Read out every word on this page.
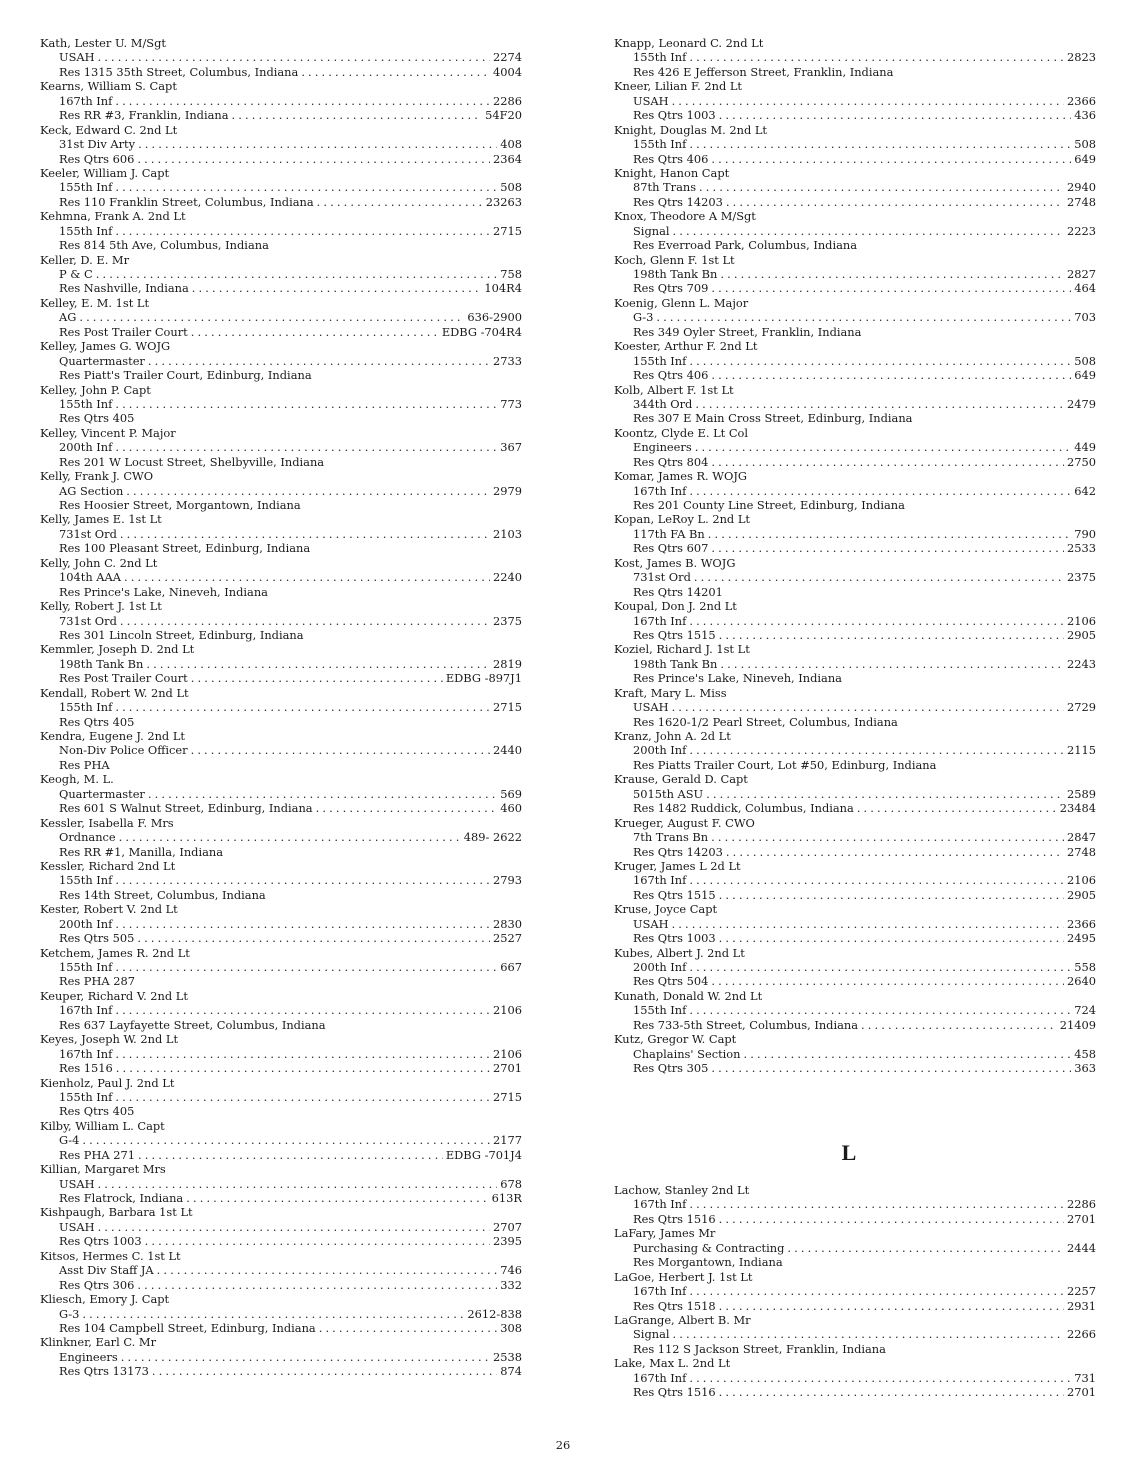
Kath, Lester U. M/Sgt
USAH . . .	2274
Res 1315 35th Street, Columbus, Indiana . . .	4004
Kearns, William S. Capt
167th Inf . . .	2286
Res RR #3, Franklin, Indiana . . .	54F20
Keck, Edward C. 2nd Lt
31st Div Arty . . .	408
Res Qtrs 606 . . .	2364
Keeler, William J. Capt
155th Inf . . .	508
Res 110 Franklin Street, Columbus, Indiana . . .	23263
Kehmna, Frank A. 2nd Lt
155th Inf . . .	2715
Res 814 5th Ave, Columbus, Indiana
Keller, D. E. Mr
P & C . . .	758
Res Nashville, Indiana . . .	104R4
Kelley, E. M. 1st Lt
AG . . .	636-2900
Res Post Trailer Court . . .	EDBG -704R4
Kelley, James G. WOJG
Quartermaster . . .	2733
Res Piatt's Trailer Court, Edinburg, Indiana
Kelley, John P. Capt
155th Inf . . .	773
Res Qtrs 405
Kelley, Vincent P. Major
200th Inf . . .	367
Res 201 W Locust Street, Shelbyville, Indiana
Kelly, Frank J. CWO
AG Section . . .	2979
Res Hoosier Street, Morgantown, Indiana
Kelly, James E. 1st Lt
731st Ord . . .	2103
Res 100 Pleasant Street, Edinburg, Indiana
Kelly, John C. 2nd Lt
104th AAA . . .	2240
Res Prince's Lake, Nineveh, Indiana
Kelly, Robert J. 1st Lt
731st Ord . . .	2375
Res 301 Lincoln Street, Edinburg, Indiana
Kemmler, Joseph D. 2nd Lt
198th Tank Bn . . .	2819
Res Post Trailer Court . . .	EDBG -897J1
Kendall, Robert W. 2nd Lt
155th Inf . . .	2715
Res Qtrs 405
Kendra, Eugene J. 2nd Lt
Non-Div Police Officer . . .	2440
Res PHA
Keogh, M. L.
Quartermaster . . .	569
Res 601 S Walnut Street, Edinburg, Indiana . . .	460
Kessler, Isabella F. Mrs
Ordnance . . .	489- 2622
Res RR #1, Manilla, Indiana
Kessler, Richard 2nd Lt
155th Inf . . .	2793
Res 14th Street, Columbus, Indiana
Kester, Robert V. 2nd Lt
200th Inf . . .	2830
Res Qtrs 505 . . .	2527
Ketchem, James R. 2nd Lt
155th Inf . . .	667
Res PHA 287
Keuper, Richard V. 2nd Lt
167th Inf . . .	2106
Res 637 Layfayette Street, Columbus, Indiana
Keyes, Joseph W. 2nd Lt
167th Inf . . .	2106
Res 1516 . . .	2701
Kienholz, Paul J. 2nd Lt
155th Inf . . .	2715
Res Qtrs 405
Kilby, William L. Capt
G-4 . . .	2177
Res PHA 271 . . .	EDBG -701J4
Killian, Margaret Mrs
USAH . . .	678
Res Flatrock, Indiana . . .	613R
Kishpaugh, Barbara 1st Lt
USAH . . .	2707
Res Qtrs 1003 . . .	2395
Kitsos, Hermes C. 1st Lt
Asst Div Staff JA . . .	746
Res Qtrs 306 . . .	332
Kliesch, Emory J. Capt
G-3 . . .	2612-838
Res 104 Campbell Street, Edinburg, Indiana . . .	308
Klinkner, Earl C. Mr
Engineers . . .	2538
Res Qtrs 13173 . . .	874
Knapp, Leonard C. 2nd Lt
155th Inf . . .	2823
Res 426 E Jefferson Street, Franklin, Indiana
Kneer, Lilian F. 2nd Lt
USAH . . .	2366
Res Qtrs 1003 . . .	436
Knight, Douglas M. 2nd Lt
155th Inf . . .	508
Res Qtrs 406 . . .	649
Knight, Hanon Capt
87th Trans . . .	2940
Res Qtrs 14203 . . .	2748
Knox, Theodore A M/Sgt
Signal . . .	2223
Res Everroad Park, Columbus, Indiana
Koch, Glenn F. 1st Lt
198th Tank Bn . . .	2827
Res Qtrs 709 . . .	464
Koenig, Glenn L. Major
G-3 . . .	703
Res 349 Oyler Street, Franklin, Indiana
Koester, Arthur F. 2nd Lt
155th Inf . . .	508
Res Qtrs 406 . . .	649
Kolb, Albert F. 1st Lt
344th Ord . . .	2479
Res 307 E Main Cross Street, Edinburg, Indiana
Koontz, Clyde E. Lt Col
Engineers . . .	449
Res Qtrs 804 . . .	2750
Komar, James R. WOJG
167th Inf . . .	642
Res 201 County Line Street, Edinburg, Indiana
Kopan, LeRoy L. 2nd Lt
117th FA Bn . . .	790
Res Qtrs 607 . . .	2533
Kost, James B. WOJG
731st Ord . . .	2375
Res Qtrs 14201
Koupal, Don J. 2nd Lt
167th Inf . . .	2106
Res Qtrs 1515 . . .	2905
Koziel, Richard J. 1st Lt
198th Tank Bn . . .	2243
Res Prince's Lake, Nineveh, Indiana
Kraft, Mary L. Miss
USAH . . .	2729
Res 1620-1/2 Pearl Street, Columbus, Indiana
Kranz, John A. 2d Lt
200th Inf . . .	2115
Res Piatts Trailer Court, Lot #50, Edinburg, Indiana
Krause, Gerald D. Capt
5015th ASU . . .	2589
Res 1482 Ruddick, Columbus, Indiana . . .	23484
Krueger, August F. CWO
7th Trans Bn . . .	2847
Res Qtrs 14203 . . .	2748
Kruger, James L 2d Lt
167th Inf . . .	2106
Res Qtrs 1515 . . .	2905
Kruse, Joyce Capt
USAH . . .	2366
Res Qtrs 1003 . . .	2495
Kubes, Albert J. 2nd Lt
200th Inf . . .	558
Res Qtrs 504 . . .	2640
Kunath, Donald W. 2nd Lt
155th Inf . . .	724
Res 733-5th Street, Columbus, Indiana . . .	21409
Kutz, Gregor W. Capt
Chaplains' Section . . .	458
Res Qtrs 305 . . .	363
L
Lachow, Stanley 2nd Lt
167th Inf . . .	2286
Res Qtrs 1516 . . .	2701
LaFary, James Mr
Purchasing & Contracting . . .	2444
Res Morgantown, Indiana
LaGoe, Herbert J. 1st Lt
167th Inf . . .	2257
Res Qtrs 1518 . . .	2931
LaGrange, Albert B. Mr
Signal . . .	2266
Res 112 S Jackson Street, Franklin, Indiana
Lake, Max L. 2nd Lt
167th Inf . . .	731
Res Qtrs 1516 . . .	2701
26
